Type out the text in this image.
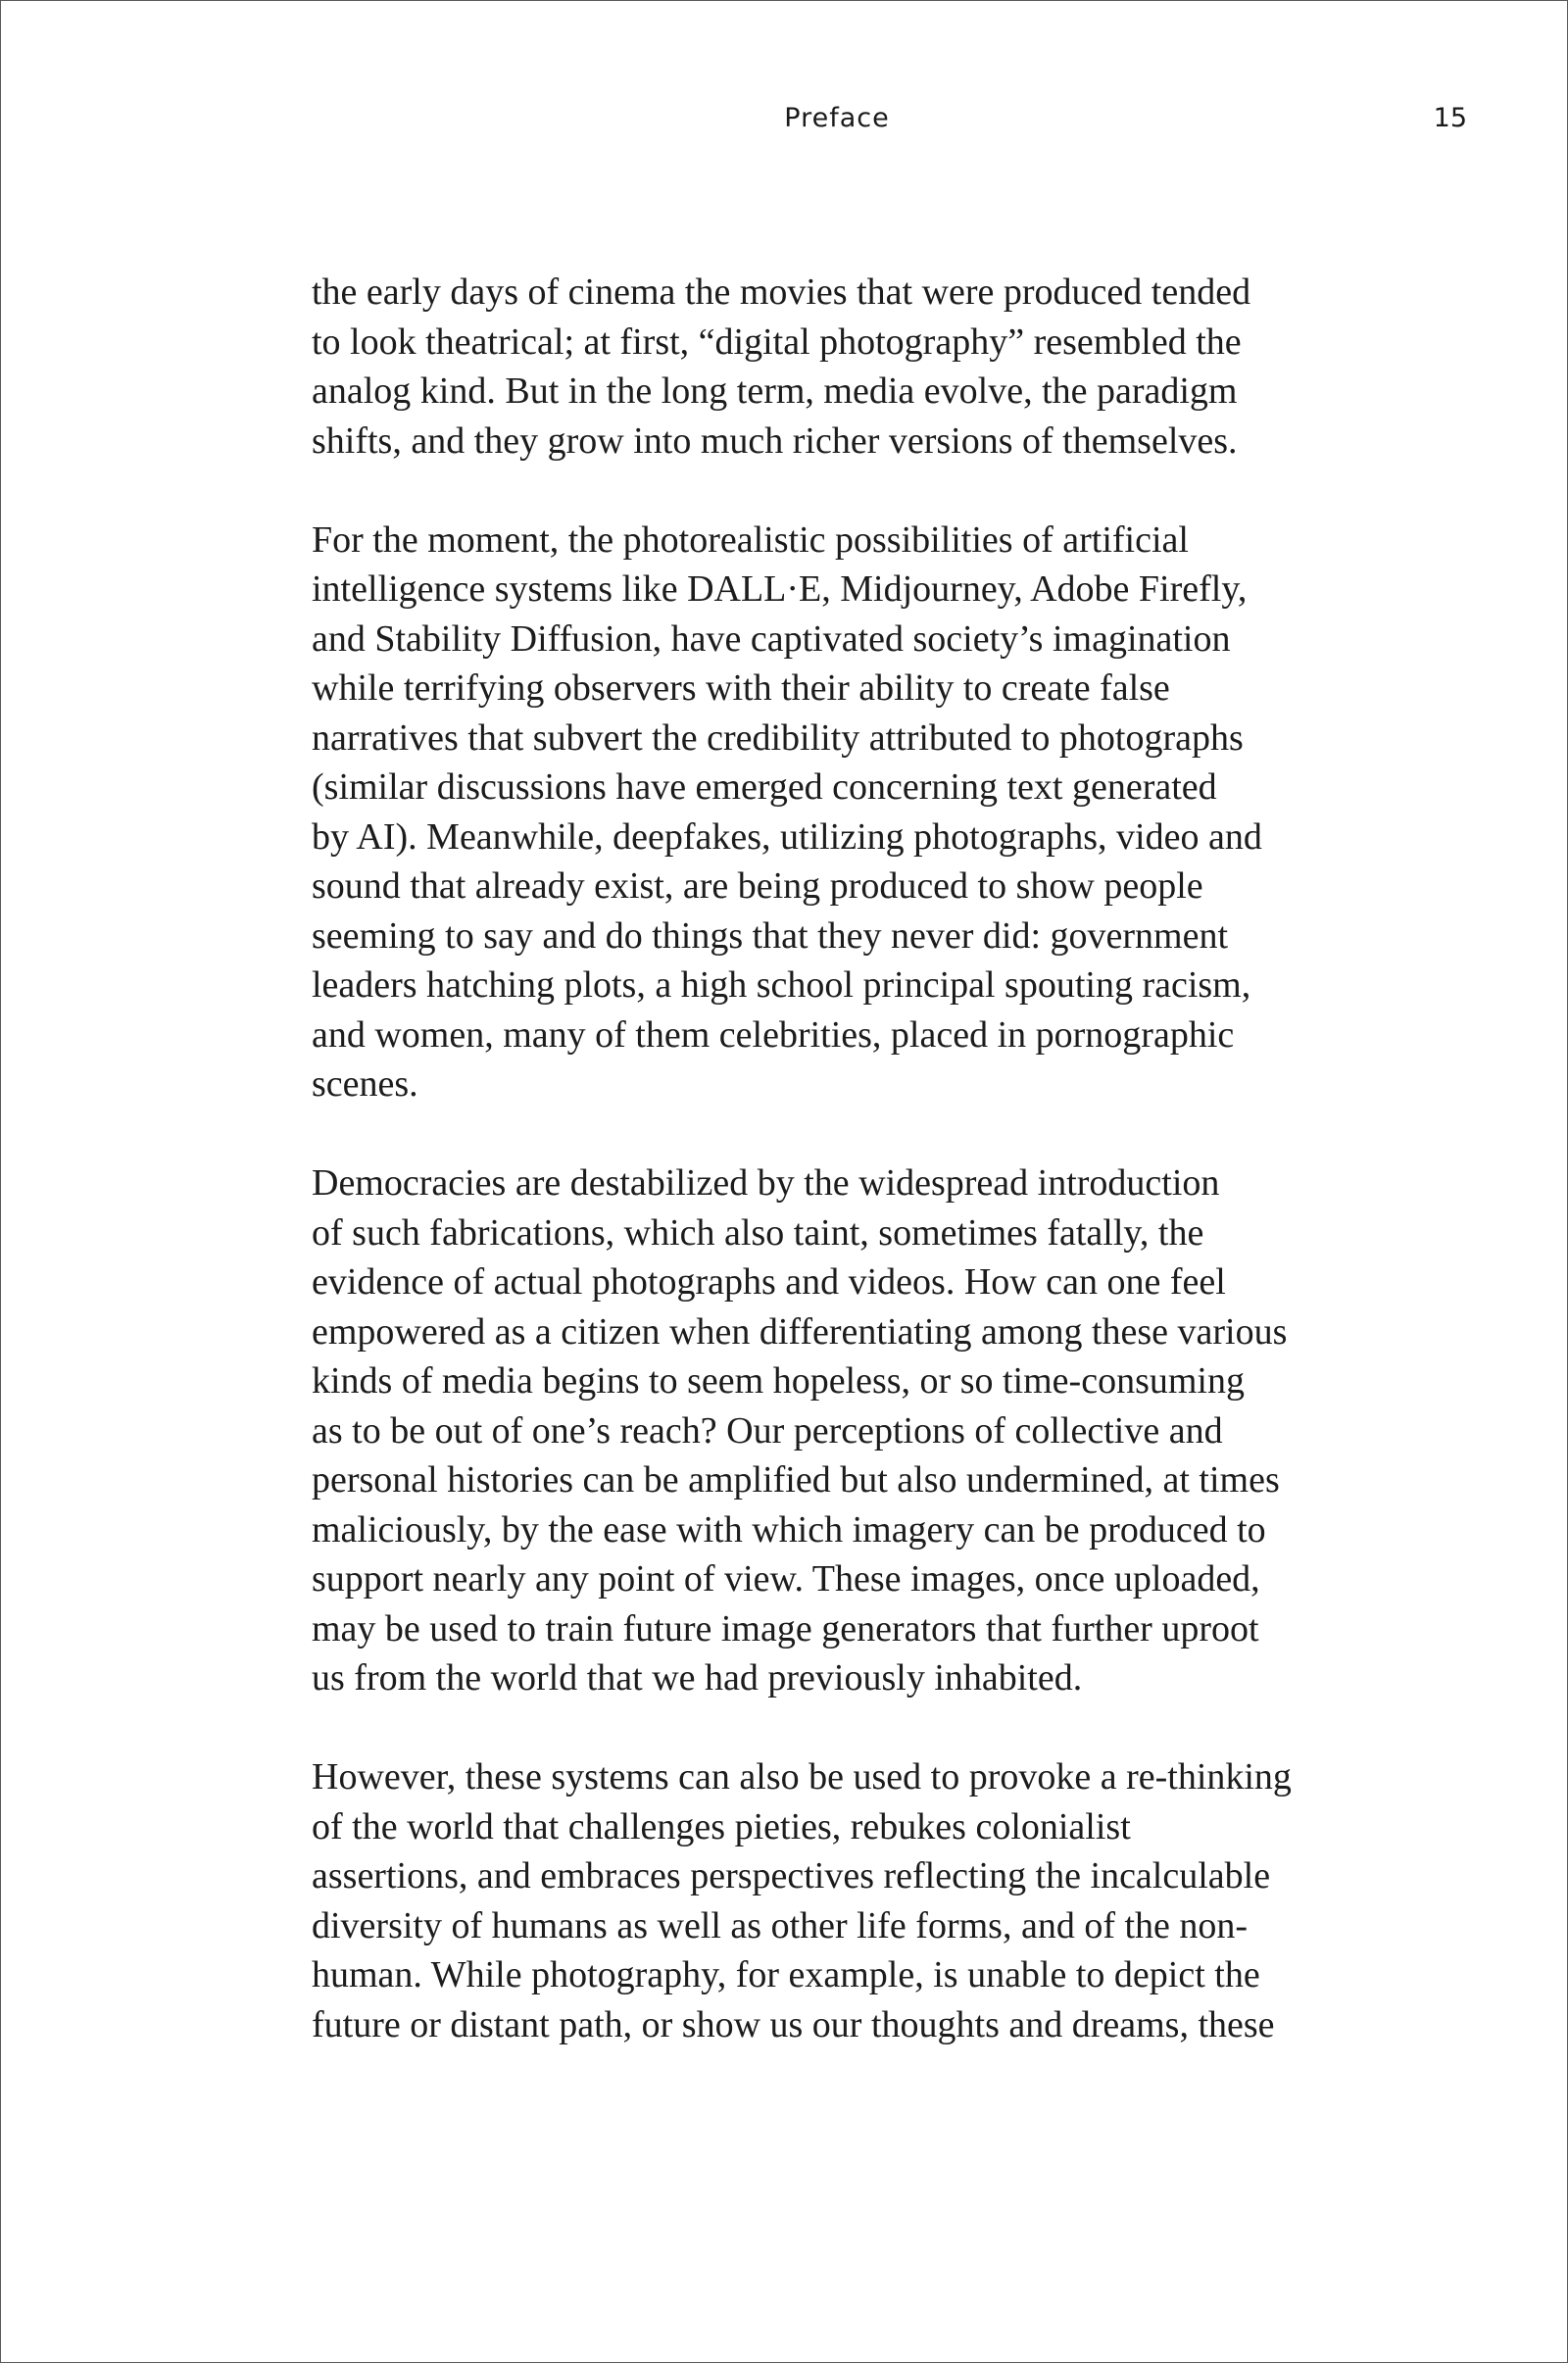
Preface	15

the early days of cinema the movies that were produced tended
to look theatrical; at first, “digital photography” resembled the
analog kind. But in the long term, media evolve, the paradigm
shifts, and they grow into much richer versions of themselves.

For the moment, the photorealistic possibilities of artificial
intelligence systems like DALL·E, Midjourney, Adobe Firefly,
and Stability Diffusion, have captivated society’s imagination
while terrifying observers with their ability to create false
narratives that subvert the credibility attributed to photographs
(similar discussions have emerged concerning text generated
by AI). Meanwhile, deepfakes, utilizing photographs, video and
sound that already exist, are being produced to show people
seeming to say and do things that they never did: government
leaders hatching plots, a high school principal spouting racism,
and women, many of them celebrities, placed in pornographic
scenes.

Democracies are destabilized by the widespread introduction
of such fabrications, which also taint, sometimes fatally, the
evidence of actual photographs and videos. How can one feel
empowered as a citizen when differentiating among these various
kinds of media begins to seem hopeless, or so time-consuming
as to be out of one’s reach? Our perceptions of collective and
personal histories can be amplified but also undermined, at times
maliciously, by the ease with which imagery can be produced to
support nearly any point of view. These images, once uploaded,
may be used to train future image generators that further uproot
us from the world that we had previously inhabited.

However, these systems can also be used to provoke a re-thinking
of the world that challenges pieties, rebukes colonialist
assertions, and embraces perspectives reflecting the incalculable
diversity of humans as well as other life forms, and of the non-
human. While photography, for example, is unable to depict the
future or distant path, or show us our thoughts and dreams, these
